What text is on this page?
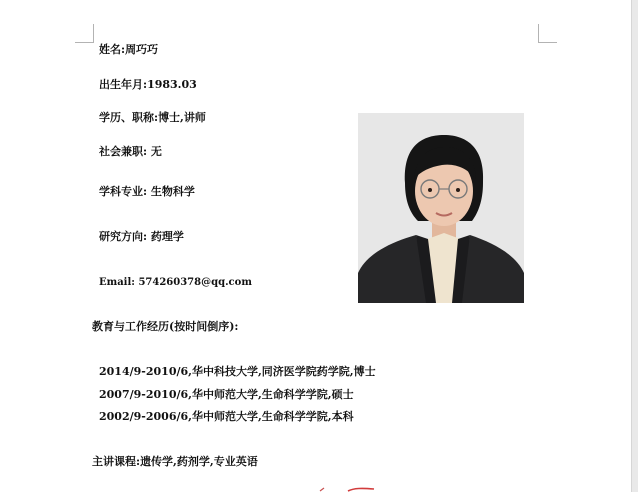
姓名:周巧巧
出生年月:1983.03
学历、职称:博士,讲师
社会兼职: 无
学科专业: 生物科学
研究方向: 药理学
Email: 574260378@qq.com
教育与工作经历(按时间倒序):
2014/9-2010/6,华中科技大学,同济医学院药学院,博士
2007/9-2010/6,华中师范大学,生命科学学院,硕士
2002/9-2006/6,华中师范大学,生命科学学院,本科
主讲课程:遗传学,药剂学,专业英语
